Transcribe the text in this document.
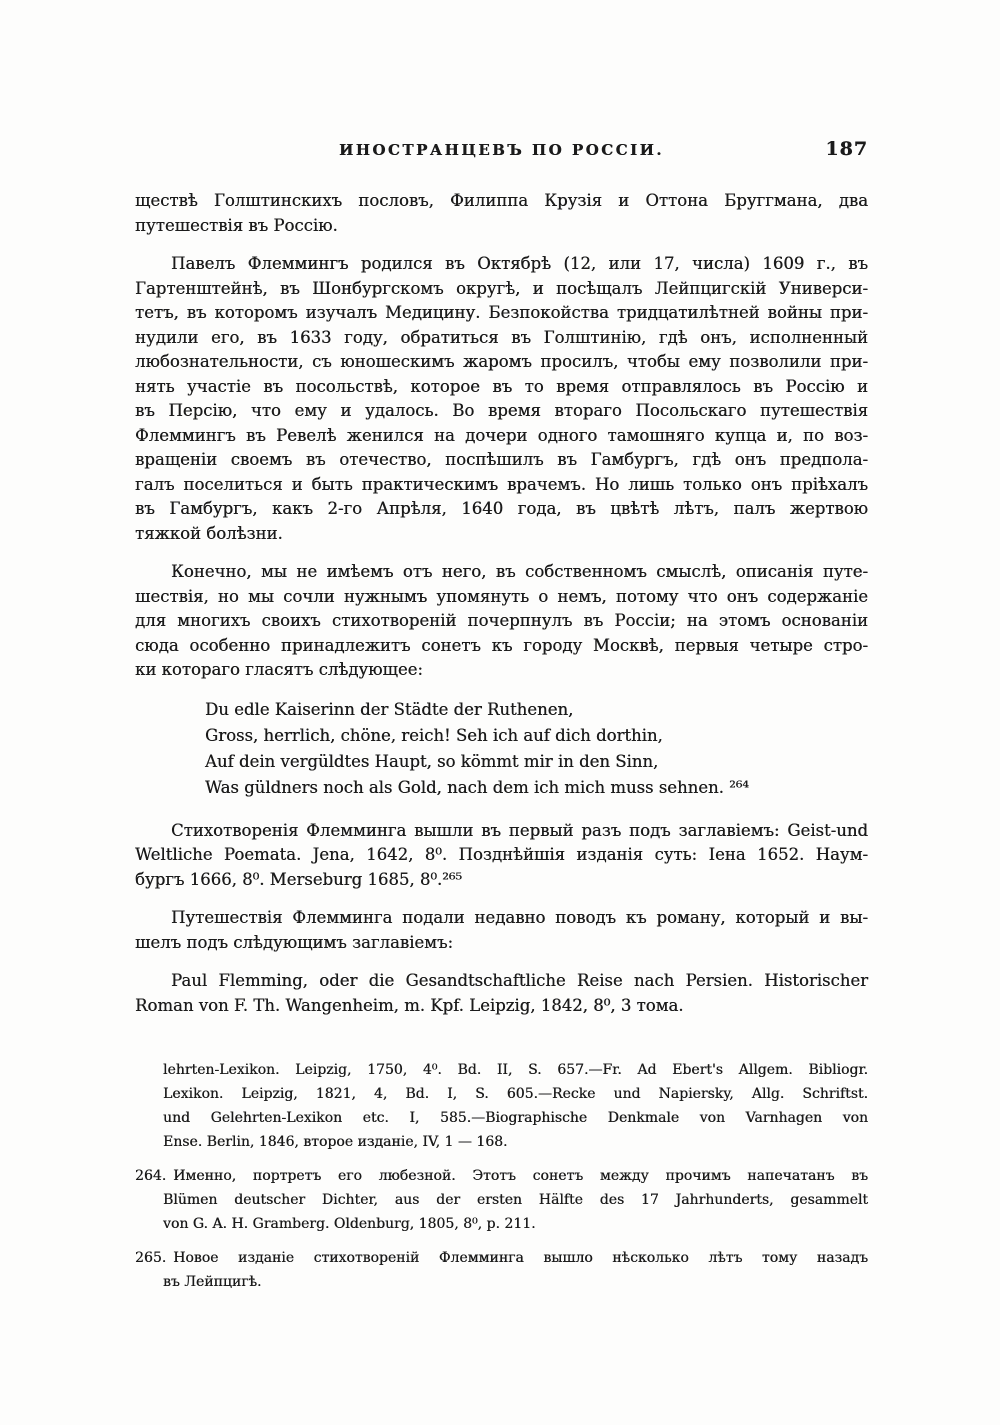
ИНОСТРАНЦЕВЪ ПО РОССІИ.	187
ществѣ Голштинскихъ пословъ, Филиппа Крузія и Оттона Бруггмана, два
путешествія въ Россію.
Павелъ Флеммингъ родился въ Октябрѣ (12, или 17, числа) 1609 г., въ
Гартенштейнѣ, въ Шонбургскомъ округѣ, и посѣщалъ Лейпцигскій Универси-
тетъ, въ которомъ изучалъ Медицину. Безпокойства тридцатилѣтней войны при-
нудили его, въ 1633 году, обратиться въ Голштинію, гдѣ онъ, исполненный
любознательности, съ юношескимъ жаромъ просилъ, чтобы ему позволили при-
нять участіе въ посольствѣ, которое въ то время отправлялось въ Россію и
въ Персію, что ему и удалось. Во время втораго Посольскаго путешествія
Флеммингъ въ Ревелѣ женился на дочери одного тамошняго купца и, по воз-
вращеніи своемъ въ отечество, поспѣшилъ въ Гамбургъ, гдѣ онъ предпола-
галъ поселиться и быть практическимъ врачемъ. Но лишь только онъ пріѣхалъ
въ Гамбургъ, какъ 2-го Апрѣля, 1640 года, въ цвѣтѣ лѣтъ, палъ жертвою
тяжкой болѣзни.
Конечно, мы не имѣемъ отъ него, въ собственномъ смыслѣ, описанія путе-
шествія, но мы сочли нужнымъ упомянуть о немъ, потому что онъ содержаніе
для многихъ своихъ стихотвореній почерпнулъ въ Россіи; на этомъ основаніи
сюда особенно принадлежитъ сонетъ къ городу Москвѣ, первыя четыре стро-
ки котораго гласятъ слѣдующее:
Du edle Kaiserinn der Städte der Ruthenen,
Gross, herrlich, chöne, reich! Seh ich auf dich dorthin,
Auf dein vergüldtes Haupt, so kömmt mir in den Sinn,
Was güldners noch als Gold, nach dem ich mich muss sehnen. ²⁶⁴
Стихотворенія Флемминга вышли въ первый разъ подъ заглавіемъ: Geist-und
Weltliche Poemata. Jena, 1642, 8⁰. Позднѣйшія изданія суть: Іена 1652. Наум-
бургъ 1666, 8⁰. Merseburg 1685, 8⁰.²⁶⁵
Путешествія Флемминга подали недавно поводъ къ роману, который и вы-
шелъ подъ слѣдующимъ заглавіемъ:
Paul Flemming, oder die Gesandtschaftliche Reise nach Persien. Historischer
Roman von F. Th. Wangenheim, m. Kpf. Leipzig, 1842, 8⁰, 3 тома.
lehrten-Lexikon. Leipzig, 1750, 4⁰. Bd. II, S. 657.—Fr. Ad Ebert's Allgem. Bibliogr.
Lexikon. Leipzig, 1821, 4, Bd. I, S. 605.—Recke und Napiersky, Allg. Schriftst.
und Gelehrten-Lexikon etc. I, 585.—Biographische Denkmale von Varnhagen von
Ense. Berlin, 1846, второе изданіе, IV, 1 — 168.
264. Именно, портретъ его любезной. Этотъ сонетъ между прочимъ напечатанъ въ
Blümen deutscher Dichter, aus der ersten Hälfte des 17 Jahrhunderts, gesammelt
von G. A. H. Gramberg. Oldenburg, 1805, 8⁰, p. 211.
265. Новое изданіе стихотвореній Флемминга вышло нѣсколько лѣтъ тому назадъ
въ Лейпцигѣ.
